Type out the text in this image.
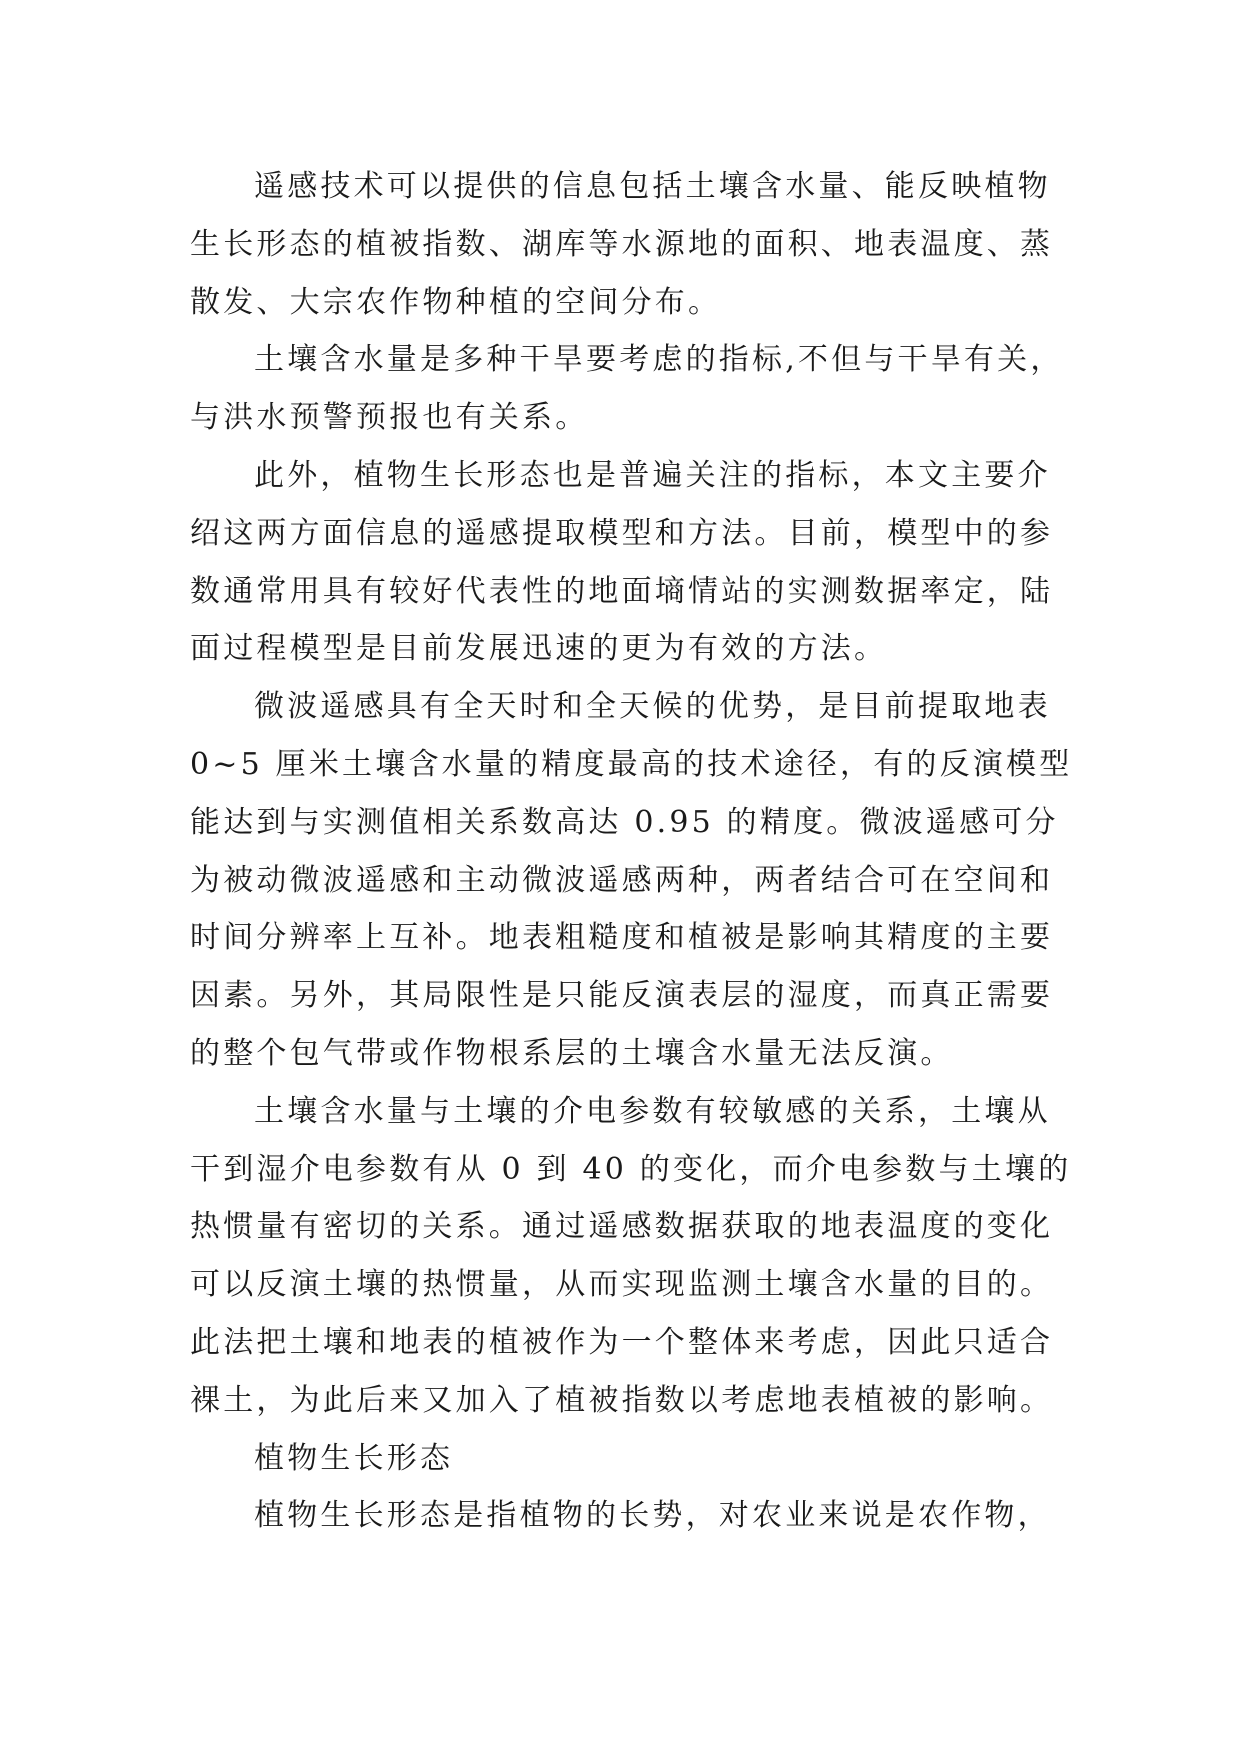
遥感技术可以提供的信息包括土壤含水量、能反映植物
生长形态的植被指数、湖库等水源地的面积、地表温度、蒸
散发、大宗农作物种植的空间分布。
土壤含水量是多种干旱要考虑的指标,不但与干旱有关，
与洪水预警预报也有关系。
此外，植物生长形态也是普遍关注的指标，本文主要介
绍这两方面信息的遥感提取模型和方法。目前，模型中的参
数通常用具有较好代表性的地面墒情站的实测数据率定，陆
面过程模型是目前发展迅速的更为有效的方法。
微波遥感具有全天时和全天候的优势，是目前提取地表
0~5 厘米土壤含水量的精度最高的技术途径，有的反演模型
能达到与实测值相关系数高达 0.95 的精度。微波遥感可分
为被动微波遥感和主动微波遥感两种，两者结合可在空间和
时间分辨率上互补。地表粗糙度和植被是影响其精度的主要
因素。另外，其局限性是只能反演表层的湿度，而真正需要
的整个包气带或作物根系层的土壤含水量无法反演。
土壤含水量与土壤的介电参数有较敏感的关系，土壤从
干到湿介电参数有从 0 到 40 的变化，而介电参数与土壤的
热惯量有密切的关系。通过遥感数据获取的地表温度的变化
可以反演土壤的热惯量，从而实现监测土壤含水量的目的。
此法把土壤和地表的植被作为一个整体来考虑，因此只适合
裸土，为此后来又加入了植被指数以考虑地表植被的影响。
植物生长形态
植物生长形态是指植物的长势，对农业来说是农作物，
